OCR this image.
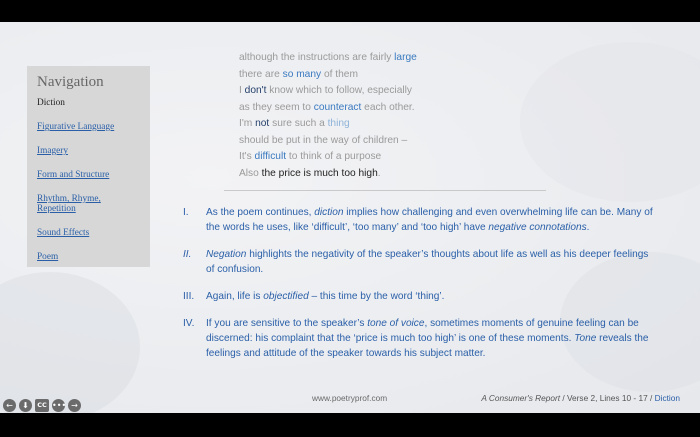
Navigation
Diction
Figurative Language
Imagery
Form and Structure
Rhythm, Rhyme, Repetition
Sound Effects
Poem
although the instructions are fairly large
there are so many of them
I don't know which to follow, especially
as they seem to counteract each other.
I'm not sure such a thing
should be put in the way of children –
It's difficult to think of a purpose
Also the price is much too high.
I. As the poem continues, diction implies how challenging and even overwhelming life can be. Many of the words he uses, like ‘difficult’, ‘too many’ and ‘too high’ have negative connotations.
II. Negation highlights the negativity of the speaker’s thoughts about life as well as his deeper feelings of confusion.
III. Again, life is objectified – this time by the word ‘thing’.
IV. If you are sensitive to the speaker’s tone of voice, sometimes moments of genuine feeling can be discerned: his complaint that the ‘price is much too high’ is one of these moments. Tone reveals the feelings and attitude of the speaker towards his subject matter.
www.poetryprof.com	A Consumer's Report / Verse 2, Lines 10 - 17 / Diction
←	⬇	CC ••• →
